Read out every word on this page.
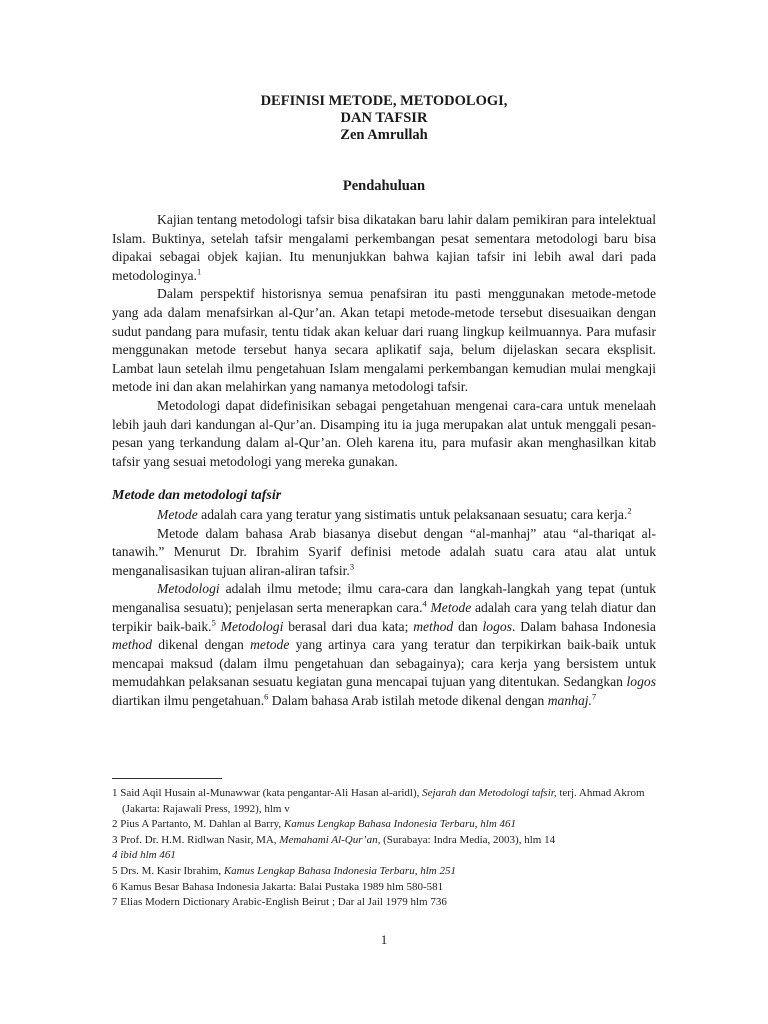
DEFINISI METODE, METODOLOGI,
DAN TAFSIR
Zen Amrullah
Pendahuluan

Kajian tentang metodologi tafsir bisa dikatakan baru lahir dalam pemikiran para intelektual Islam. Buktinya, setelah tafsir mengalami perkembangan pesat sementara metodologi baru bisa dipakai sebagai objek kajian. Itu menunjukkan bahwa kajian tafsir ini lebih awal dari pada metodologinya.$^1$

Dalam perspektif historisnya semua penafsiran itu pasti menggunakan metode-metode yang ada dalam menafsirkan al-Qur’an. Akan tetapi metode-metode tersebut disesuaikan dengan sudut pandang para mufasir, tentu tidak akan keluar dari ruang lingkup keilmuannya. Para mufasir menggunakan metode tersebut hanya secara aplikatif saja, belum dijelaskan secara eksplisit. Lambat laun setelah ilmu pengetahuan Islam mengalami perkembangan kemudian mulai mengkaji metode ini dan akan melahirkan yang namanya metodologi tafsir.

Metodologi dapat didefinisikan sebagai pengetahuan mengenai cara-cara untuk menelaah lebih jauh dari kandungan al-Qur’an. Disamping itu ia juga merupakan alat untuk menggali pesan-pesan yang terkandung dalam al-Qur’an. Oleh karena itu, para mufasir akan menghasilkan kitab tafsir yang sesuai metodologi yang mereka gunakan.

Metode dan metodologi tafsir

Metode adalah cara yang teratur yang sistimatis untuk pelaksanaan sesuatu; cara kerja.$^2$

Metode dalam bahasa Arab biasanya disebut dengan “al-manhaj” atau “al-thariqat al-tanawih.” Menurut Dr. Ibrahim Syarif definisi metode adalah suatu cara atau alat untuk menganalisasikan tujuan aliran-aliran tafsir.$^3$

Metodologi adalah ilmu metode; ilmu cara-cara dan langkah-langkah yang tepat (untuk menganalisa sesuatu); penjelasan serta menerapkan cara.$^4$ Metode adalah cara yang telah diatur dan terpikir baik-baik.$^5$ Metodologi berasal dari dua kata; method dan logos. Dalam bahasa Indonesia method dikenal dengan metode yang artinya cara yang teratur dan terpikirkan baik-baik untuk mencapai maksud (dalam ilmu pengetahuan dan sebagainya); cara kerja yang bersistem untuk memudahkan pelaksanan sesuatu kegiatan guna mencapai tujuan yang ditentukan. Sedangkan logos diartikan ilmu pengetahuan.$^6$ Dalam bahasa Arab istilah metode dikenal dengan manhaj.$^7$

1 Said Aqil Husain al-Munawwar (kata pengantar-Ali Hasan al-aridl), Sejarah dan Metodologi tafsir, terj. Ahmad Akrom (Jakarta: Rajawali Press, 1992), hlm v

2 Pius A Partanto, M. Dahlan al Barry, Kamus Lengkap Bahasa Indonesia Terbaru, hlm 461

3 Prof. Dr. H.M. Ridlwan Nasir, MA, Memahami Al-Qur’an, (Surabaya: Indra Media, 2003), hlm 14

4 ibid hlm 461

5 Drs. M. Kasir Ibrahim, Kamus Lengkap Bahasa Indonesia Terbaru, hlm 251

6 Kamus Besar Bahasa Indonesia Jakarta: Balai Pustaka 1989 hlm 580-581

7 Elias Modern Dictionary Arabic-English Beirut ; Dar al Jail 1979 hlm 736

1
